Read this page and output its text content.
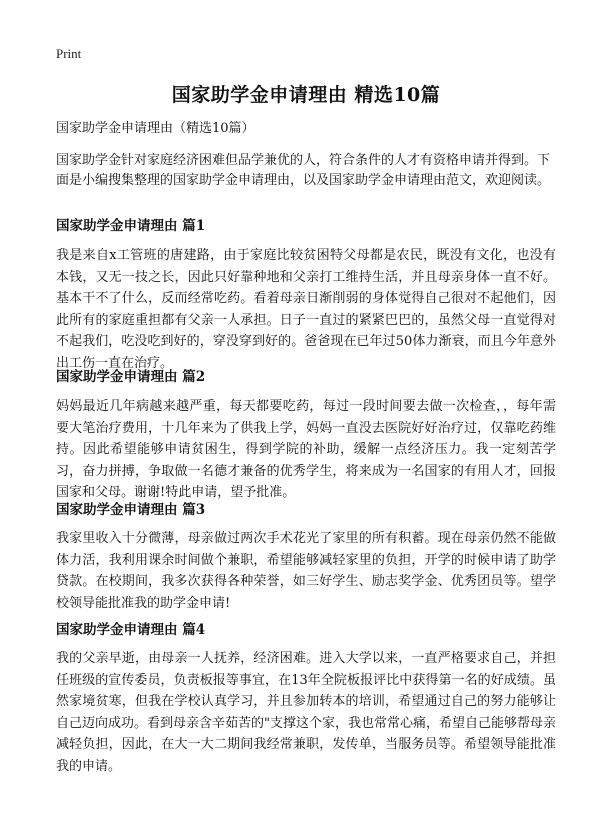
Print
国家助学金申请理由 精选10篇
国家助学金申请理由（精选10篇）
国家助学金针对家庭经济困难但品学兼优的人，符合条件的人才有资格申请并得到。下面是小编搜集整理的国家助学金申请理由，以及国家助学金申请理由范文，欢迎阅读。
国家助学金申请理由 篇1
我是来自x工管班的唐建路，由于家庭比较贫困特父母都是农民，既没有文化，也没有本钱，又无一技之长，因此只好靠种地和父亲打工维持生活，并且母亲身体一直不好。基本干不了什么，反而经常吃药。看着母亲日渐削弱的身体觉得自己很对不起他们，因此所有的家庭重担都有父亲一人承担。日子一直过的紧紧巴巴的，虽然父母一直觉得对不起我们，吃没吃到好的，穿没穿到好的。爸爸现在已年过50体力渐衰，而且今年意外出工伤一直在治疗。
国家助学金申请理由 篇2
妈妈最近几年病越来越严重，每天都要吃药，每过一段时间要去做一次检查，，每年需要大笔治疗费用，十几年来为了供我上学，妈妈一直没去医院好好治疗过，仅靠吃药维持。因此希望能够申请贫困生，得到学院的补助，缓解一点经济压力。我一定刻苦学习，奋力拼搏，争取做一名德才兼备的优秀学生，将来成为一名国家的有用人才，回报国家和父母。谢谢!特此申请，望予批准。
国家助学金申请理由 篇3
我家里收入十分微薄，母亲做过两次手术花光了家里的所有积蓄。现在母亲仍然不能做体力活，我利用课余时间做个兼职，希望能够减轻家里的负担，开学的时候申请了助学贷款。在校期间，我多次获得各种荣誉，如三好学生、励志奖学金、优秀团员等。望学校领导能批准我的助学金申请!
国家助学金申请理由 篇4
我的父亲早逝，由母亲一人抚养，经济困难。进入大学以来，一直严格要求自己，并担任班级的宣传委员，负责板报等事宜，在13年全院板报评比中获得第一名的好成绩。虽然家境贫寒，但我在学校认真学习，并且参加转本的培训，希望通过自己的努力能够让自己迈向成功。看到母亲含辛茹苦的"支撑这个家，我也常常心痛，希望自己能够帮母亲减轻负担，因此，在大一大二期间我经常兼职，发传单，当服务员等。希望领导能批准我的申请。
